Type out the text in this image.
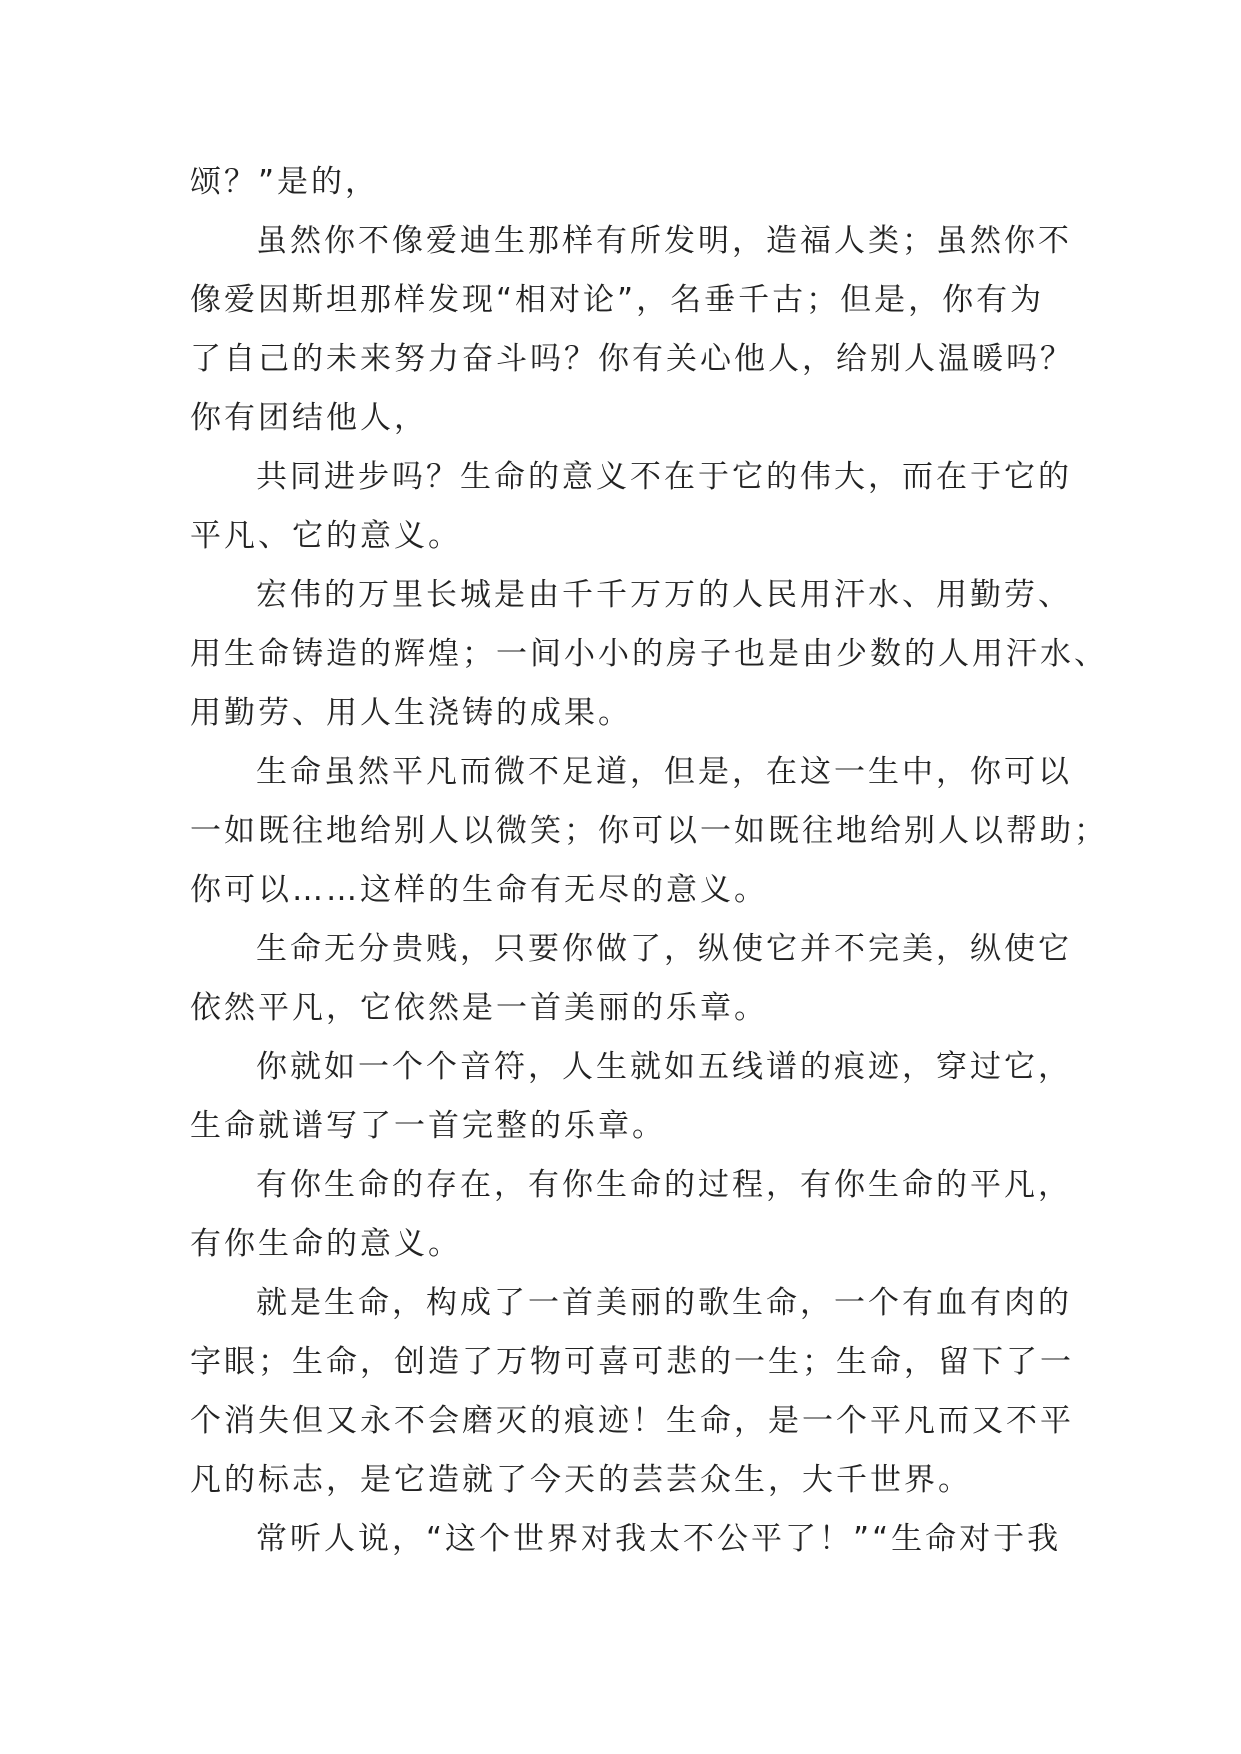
颂？”是的，
虽然你不像爱迪生那样有所发明，造福人类；虽然你不
像爱因斯坦那样发现“相对论”，名垂千古；但是，你有为
了自己的未来努力奋斗吗？你有关心他人，给别人温暖吗？
你有团结他人，
共同进步吗？生命的意义不在于它的伟大，而在于它的
平凡、它的意义。
宏伟的万里长城是由千千万万的人民用汗水、用勤劳、
用生命铸造的辉煌；一间小小的房子也是由少数的人用汗水、
用勤劳、用人生浇铸的成果。
生命虽然平凡而微不足道，但是，在这一生中，你可以
一如既往地给别人以微笑；你可以一如既往地给别人以帮助；
你可以……这样的生命有无尽的意义。
生命无分贵贱，只要你做了，纵使它并不完美，纵使它
依然平凡，它依然是一首美丽的乐章。
你就如一个个音符，人生就如五线谱的痕迹，穿过它，
生命就谱写了一首完整的乐章。
有你生命的存在，有你生命的过程，有你生命的平凡，
有你生命的意义。
就是生命，构成了一首美丽的歌生命，一个有血有肉的
字眼；生命，创造了万物可喜可悲的一生；生命，留下了一
个消失但又永不会磨灭的痕迹！生命，是一个平凡而又不平
凡的标志，是它造就了今天的芸芸众生，大千世界。
常听人说，“这个世界对我太不公平了！”“生命对于我
